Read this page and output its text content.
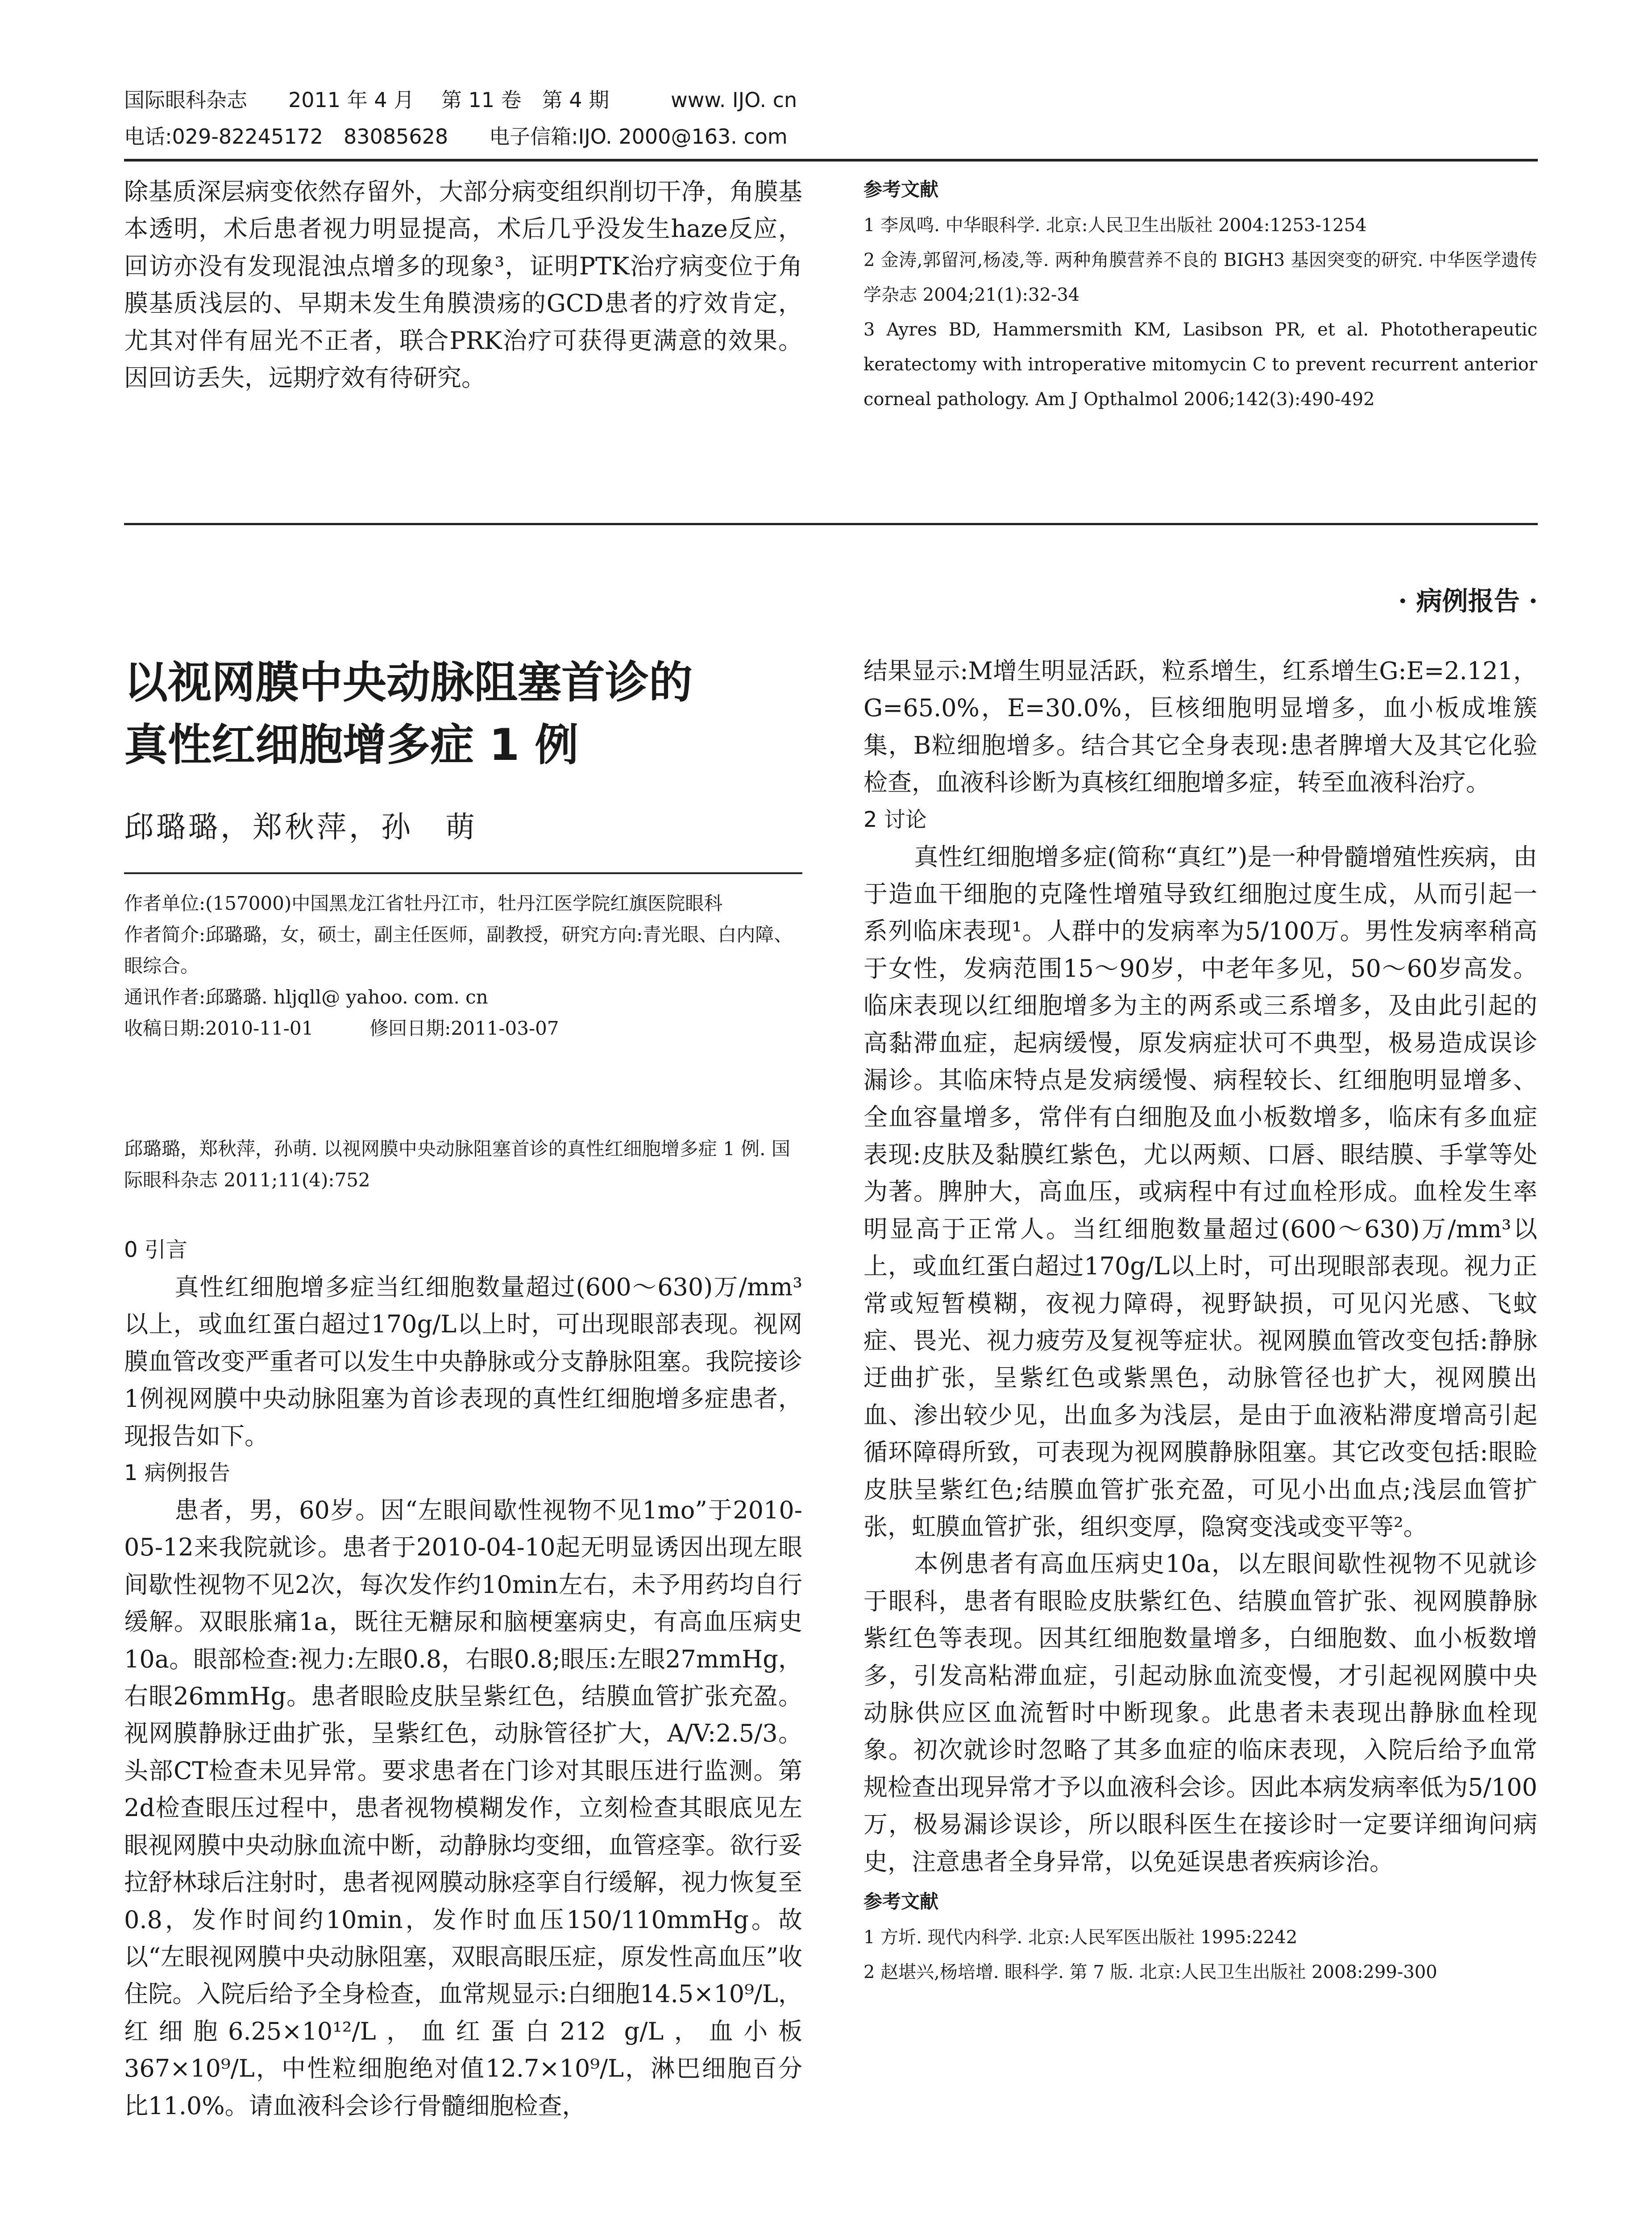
国际眼科杂志　　2011 年 4 月　 第 11 卷　第 4 期　　　www. IJO. cn
电话:029-82245172　83085628　　电子信箱:IJO. 2000@163. com

除基质深层病变依然存留外，大部分病变组织削切干净，角膜基本透明，术后患者视力明显提高，术后几乎没发生haze反应，回访亦没有发现混浊点增多的现象³，证明PTK治疗病变位于角膜基质浅层的、早期未发生角膜溃疡的GCD患者的疗效肯定，尤其对伴有屈光不正者，联合PRK治疗可获得更满意的效果。因回访丢失，远期疗效有待研究。

参考文献
1 李凤鸣. 中华眼科学. 北京:人民卫生出版社 2004:1253-1254
2 金涛,郭留河,杨凌,等. 两种角膜营养不良的 BIGH3 基因突变的研究. 中华医学遗传学杂志 2004;21(1):32-34
3 Ayres BD, Hammersmith KM, Lasibson PR, et al. Phototherapeutic keratectomy with introperative mitomycin C to prevent recurrent anterior corneal pathology. Am J Opthalmol 2006;142(3):490-492
· 病例报告 ·
以视网膜中央动脉阻塞首诊的
真性红细胞增多症 1 例
邱璐璐，郑秋萍，孙　萌
作者单位:(157000)中国黑龙江省牡丹江市，牡丹江医学院红旗医院眼科
作者简介:邱璐璐，女，硕士，副主任医师，副教授，研究方向:青光眼、白内障、眼综合。
通讯作者:邱璐璐. hljqll@ yahoo. com. cn
收稿日期:2010-11-01　　　修回日期:2011-03-07
邱璐璐，郑秋萍，孙萌. 以视网膜中央动脉阻塞首诊的真性红细胞增多症 1 例. 国际眼科杂志 2011;11(4):752
0 引言

真性红细胞增多症当红细胞数量超过(600～630)万/mm³以上，或血红蛋白超过170g/L以上时，可出现眼部表现。视网膜血管改变严重者可以发生中央静脉或分支静脉阻塞。我院接诊1例视网膜中央动脉阻塞为首诊表现的真性红细胞增多症患者，现报告如下。

1 病例报告

患者，男，60岁。因“左眼间歇性视物不见1mo”于2010-05-12来我院就诊。患者于2010-04-10起无明显诱因出现左眼间歇性视物不见2次，每次发作约10min左右，未予用药均自行缓解。双眼胀痛1a，既往无糖尿和脑梗塞病史，有高血压病史10a。眼部检查:视力:左眼0.8，右眼0.8;眼压:左眼27mmHg，右眼26mmHg。患者眼睑皮肤呈紫红色，结膜血管扩张充盈。视网膜静脉迂曲扩张，呈紫红色，动脉管径扩大，A/V:2.5/3。头部CT检查未见异常。要求患者在门诊对其眼压进行监测。第2d检查眼压过程中，患者视物模糊发作，立刻检查其眼底见左眼视网膜中央动脉血流中断，动静脉均变细，血管痉挛。欲行妥拉舒林球后注射时，患者视网膜动脉痉挛自行缓解，视力恢复至0.8，发作时间约10min，发作时血压150/110mmHg。故以“左眼视网膜中央动脉阻塞，双眼高眼压症，原发性高血压”收住院。入院后给予全身检查，血常规显示:白细胞14.5×10⁹/L，红细胞6.25×10¹²/L，血红蛋白212 g/L，血小板367×10⁹/L，中性粒细胞绝对值12.7×10⁹/L，淋巴细胞百分比11.0%。请血液科会诊行骨髓细胞检查，

结果显示:M增生明显活跃，粒系增生，红系增生G:E=2.121，G=65.0%，E=30.0%，巨核细胞明显增多，血小板成堆簇集，B粒细胞增多。结合其它全身表现:患者脾增大及其它化验检查，血液科诊断为真核红细胞增多症，转至血液科治疗。

2 讨论

真性红细胞增多症(简称“真红”)是一种骨髓增殖性疾病，由于造血干细胞的克隆性增殖导致红细胞过度生成，从而引起一系列临床表现¹。人群中的发病率为5/100万。男性发病率稍高于女性，发病范围15～90岁，中老年多见，50～60岁高发。临床表现以红细胞增多为主的两系或三系增多，及由此引起的高黏滞血症，起病缓慢，原发病症状可不典型，极易造成误诊漏诊。其临床特点是发病缓慢、病程较长、红细胞明显增多、全血容量增多，常伴有白细胞及血小板数增多，临床有多血症表现:皮肤及黏膜红紫色，尤以两颊、口唇、眼结膜、手掌等处为著。脾肿大，高血压，或病程中有过血栓形成。血栓发生率明显高于正常人。当红细胞数量超过(600～630)万/mm³以上，或血红蛋白超过170g/L以上时，可出现眼部表现。视力正常或短暂模糊，夜视力障碍，视野缺损，可见闪光感、飞蚊症、畏光、视力疲劳及复视等症状。视网膜血管改变包括:静脉迂曲扩张，呈紫红色或紫黑色，动脉管径也扩大，视网膜出血、渗出较少见，出血多为浅层，是由于血液粘滞度增高引起循环障碍所致，可表现为视网膜静脉阻塞。其它改变包括:眼睑皮肤呈紫红色;结膜血管扩张充盈，可见小出血点;浅层血管扩张，虹膜血管扩张，组织变厚，隐窝变浅或变平等²。

本例患者有高血压病史10a，以左眼间歇性视物不见就诊于眼科，患者有眼睑皮肤紫红色、结膜血管扩张、视网膜静脉紫红色等表现。因其红细胞数量增多，白细胞数、血小板数增多，引发高粘滞血症，引起动脉血流变慢，才引起视网膜中央动脉供应区血流暂时中断现象。此患者未表现出静脉血栓现象。初次就诊时忽略了其多血症的临床表现，入院后给予血常规检查出现异常才予以血液科会诊。因此本病发病率低为5/100万，极易漏诊误诊，所以眼科医生在接诊时一定要详细询问病史，注意患者全身异常，以免延误患者疾病诊治。

参考文献
1 方圻. 现代内科学. 北京:人民军医出版社 1995:2242
2 赵堪兴,杨培增. 眼科学. 第 7 版. 北京:人民卫生出版社 2008:299-300
